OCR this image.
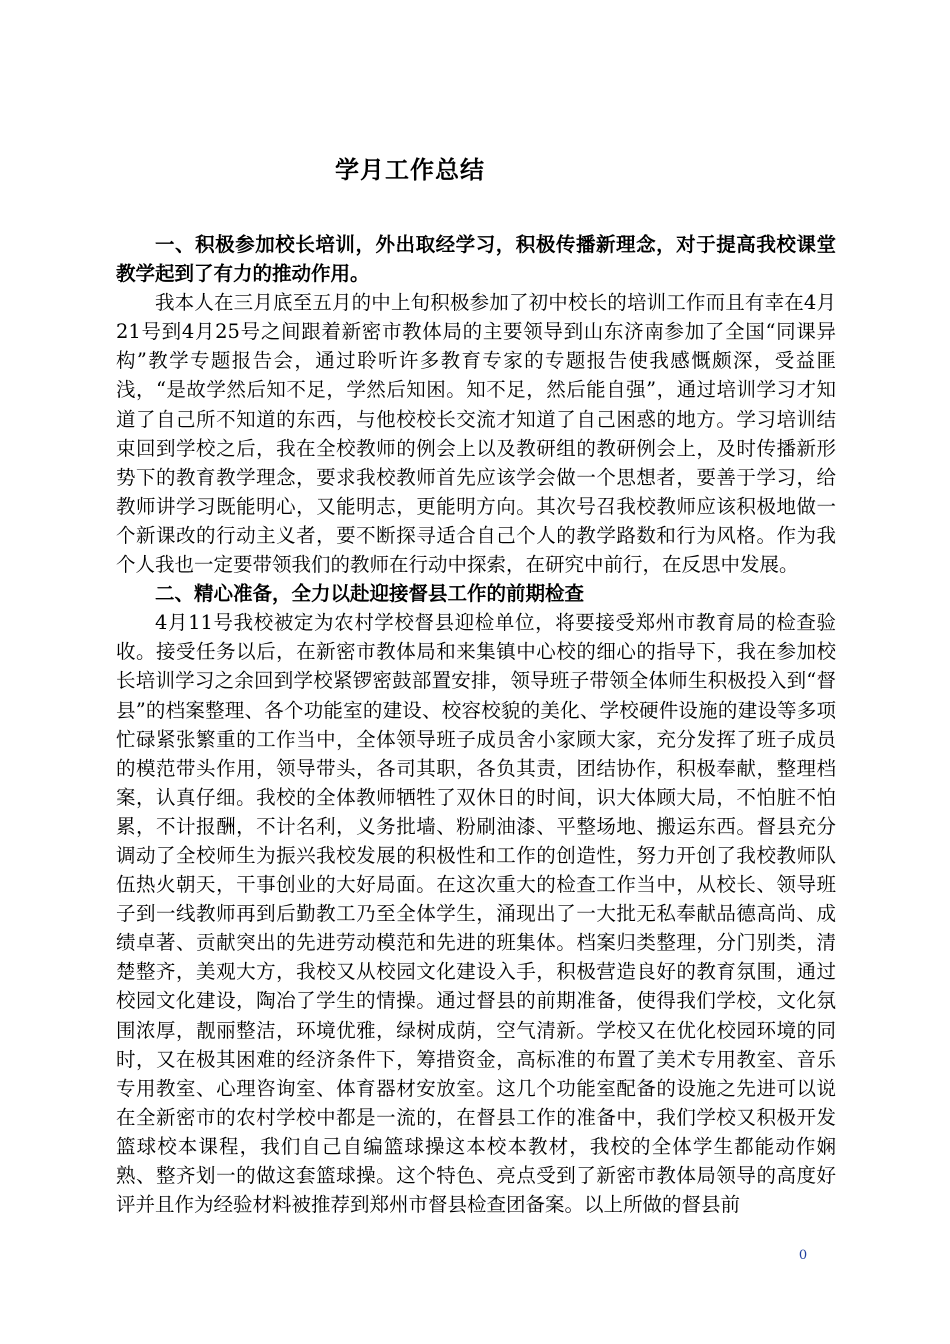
学月工作总结

一、积极参加校长培训，外出取经学习，积极传播新理念，对于提高我校课堂教学起到了有力的推动作用。

我本人在三月底至五月的中上旬积极参加了初中校长的培训工作而且有幸在4月21号到4月25号之间跟着新密市教体局的主要领导到山东济南参加了全国“同课异构”教学专题报告会，通过聆听许多教育专家的专题报告使我感慨颇深，受益匪浅，“是故学然后知不足，学然后知困。知不足，然后能自强”，通过培训学习才知道了自己所不知道的东西，与他校校长交流才知道了自己困惑的地方。学习培训结束回到学校之后，我在全校教师的例会上以及教研组的教研例会上，及时传播新形势下的教育教学理念，要求我校教师首先应该学会做一个思想者，要善于学习，给教师讲学习既能明心，又能明志，更能明方向。其次号召我校教师应该积极地做一个新课改的行动主义者，要不断探寻适合自己个人的教学路数和行为风格。作为我个人我也一定要带领我们的教师在行动中探索，在研究中前行，在反思中发展。

二、精心准备，全力以赴迎接督县工作的前期检查

4月11号我校被定为农村学校督县迎检单位，将要接受郑州市教育局的检查验收。接受任务以后，在新密市教体局和来集镇中心校的细心的指导下，我在参加校长培训学习之余回到学校紧锣密鼓部置安排，领导班子带领全体师生积极投入到“督县”的档案整理、各个功能室的建设、校容校貌的美化、学校硬件设施的建设等多项忙碌紧张繁重的工作当中，全体领导班子成员舍小家顾大家，充分发挥了班子成员的模范带头作用，领导带头，各司其职，各负其责，团结协作，积极奉献，整理档案，认真仔细。我校的全体教师牺牲了双休日的时间，识大体顾大局，不怕脏不怕累，不计报酬，不计名利，义务批墙、粉刷油漆、平整场地、搬运东西。督县充分调动了全校师生为振兴我校发展的积极性和工作的创造性，努力开创了我校教师队伍热火朝天，干事创业的大好局面。在这次重大的检查工作当中，从校长、领导班子到一线教师再到后勤教工乃至全体学生，涌现出了一大批无私奉献品德高尚、成绩卓著、贡献突出的先进劳动模范和先进的班集体。档案归类整理，分门别类，清楚整齐，美观大方，我校又从校园文化建设入手，积极营造良好的教育氛围，通过校园文化建设，陶冶了学生的情操。通过督县的前期准备，使得我们学校，文化氛围浓厚，靓丽整洁，环境优雅，绿树成荫，空气清新。学校又在优化校园环境的同时，又在极其困难的经济条件下，筹措资金，高标准的布置了美术专用教室、音乐专用教室、心理咨询室、体育器材安放室。这几个功能室配备的设施之先进可以说在全新密市的农村学校中都是一流的，在督县工作的准备中，我们学校又积极开发篮球校本课程，我们自己自编篮球操这本校本教材，我校的全体学生都能动作娴熟、整齐划一的做这套篮球操。这个特色、亮点受到了新密市教体局领导的高度好评并且作为经验材料被推荐到郑州市督县检查团备案。以上所做的督县前

0
